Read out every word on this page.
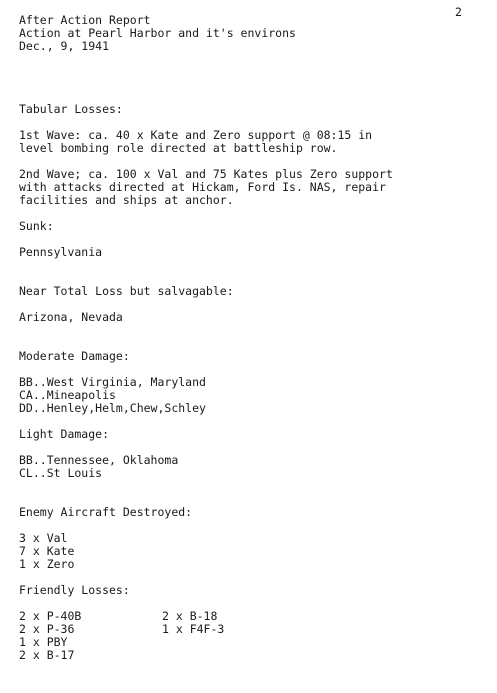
2
After Action Report
Action at Pearl Harbor and it's environs
Dec., 9, 1941
Tabular Losses:
1st Wave: ca. 40 x Kate and Zero support @ 08:15 in
level bombing role directed at battleship row.
2nd Wave; ca. 100 x Val and 75 Kates plus Zero support
with attacks directed at Hickam, Ford Is. NAS, repair
facilities and ships at anchor.
Sunk:
Pennsylvania
Near Total Loss but salvagable:
Arizona, Nevada
Moderate Damage:
BB..West Virginia, Maryland
CA..Mineapolis
DD..Henley,Helm,Chew,Schley
Light Damage:
BB..Tennessee, Oklahoma
CL..St Louis
Enemy Aircraft Destroyed:
3 x Val
7 x Kate
1 x Zero
Friendly Losses:
2 x P-40B
2 x P-36
1 x PBY
2 x B-17
2 x B-18
1 x F4F-3
